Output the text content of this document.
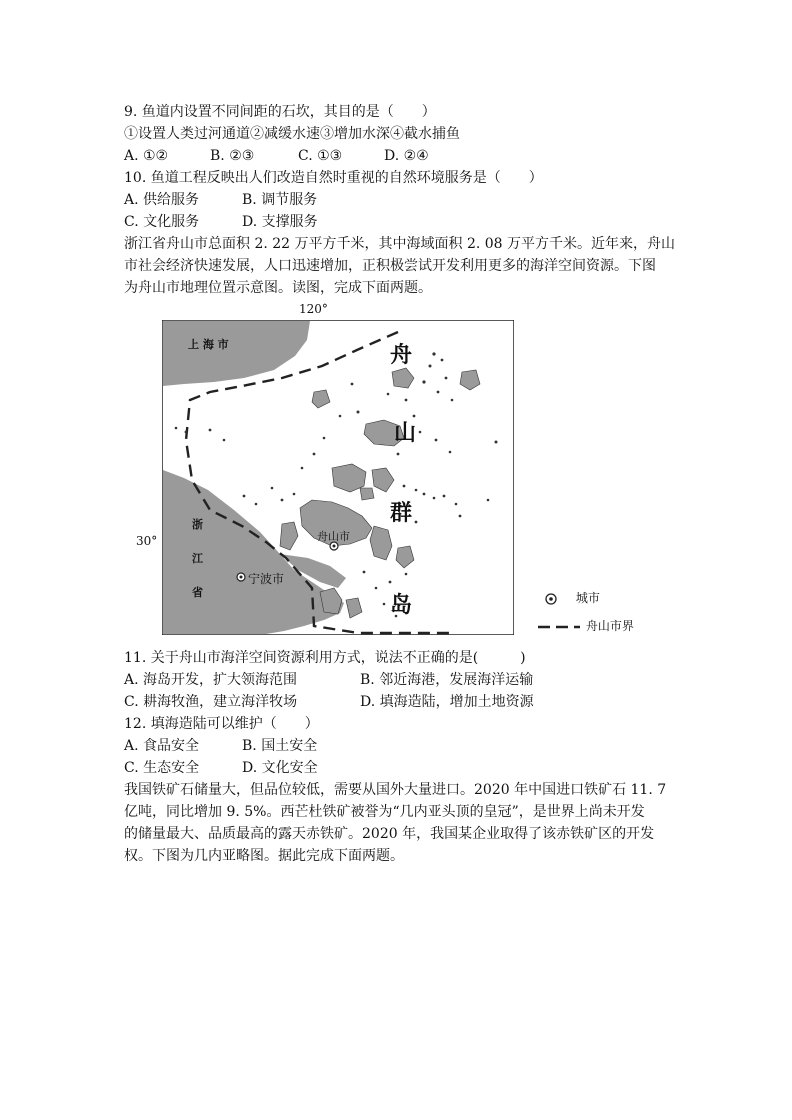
9. 鱼道内设置不同间距的石坎，其目的是（　　）
①设置人类过河通道②减缓水速③增加水深④截水捕鱼
A. ①②	B. ②③	C. ①③	D. ②④
10. 鱼道工程反映出人们改造自然时重视的自然环境服务是（　　）
A. 供给服务	B. 调节服务
C. 文化服务	D. 支撑服务
浙江省舟山市总面积 2. 22 万平方千米，其中海域面积 2. 08 万平方千米。近年来，舟山
市社会经济快速发展，人口迅速增加，正积极尝试开发利用更多的海洋空间资源。下图
为舟山市地理位置示意图。读图，完成下面两题。
120°
30°
上 海 市
浙
江
省
宁波市
舟山市
舟
山
群
岛	城市
舟山市界
11. 关于舟山市海洋空间资源利用方式，说法不正确的是(　　　)
A. 海岛开发，扩大领海范围	B. 邻近海港，发展海洋运输
C. 耕海牧渔，建立海洋牧场	D. 填海造陆，增加土地资源
12. 填海造陆可以维护（　　）
A. 食品安全	B. 国土安全
C. 生态安全	D. 文化安全
我国铁矿石储量大，但品位较低，需要从国外大量进口。2020 年中国进口铁矿石 11. 7
亿吨，同比增加 9. 5%。西芒杜铁矿被誉为“几内亚头顶的皇冠”，是世界上尚未开发
的储量最大、品质最高的露天赤铁矿。2020 年，我国某企业取得了该赤铁矿区的开发
权。下图为几内亚略图。据此完成下面两题。
